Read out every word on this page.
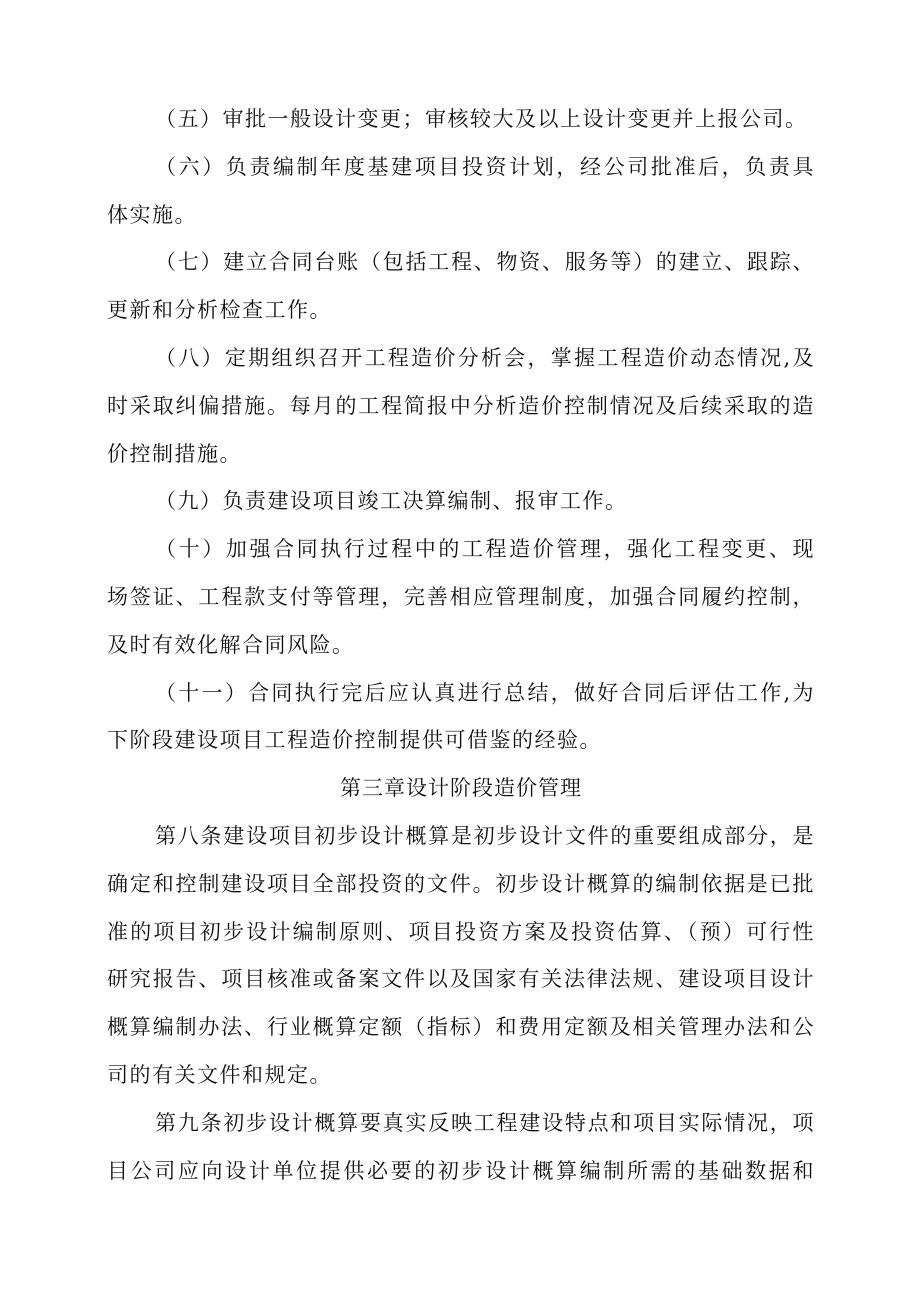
（五）审批一般设计变更；审核较大及以上设计变更并上报公司。
（六）负责编制年度基建项目投资计划，经公司批准后，负责具
体实施。
（七）建立合同台账（包括工程、物资、服务等）的建立、跟踪、
更新和分析检查工作。
（八）定期组织召开工程造价分析会，掌握工程造价动态情况,及
时采取纠偏措施。每月的工程简报中分析造价控制情况及后续采取的造
价控制措施。
（九）负责建设项目竣工决算编制、报审工作。
（十）加强合同执行过程中的工程造价管理，强化工程变更、现
场签证、工程款支付等管理，完善相应管理制度，加强合同履约控制，
及时有效化解合同风险。
（十一）合同执行完后应认真进行总结，做好合同后评估工作,为
下阶段建设项目工程造价控制提供可借鉴的经验。
第三章设计阶段造价管理
第八条建设项目初步设计概算是初步设计文件的重要组成部分，是
确定和控制建设项目全部投资的文件。初步设计概算的编制依据是已批
准的项目初步设计编制原则、项目投资方案及投资估算、（预）可行性
研究报告、项目核准或备案文件以及国家有关法律法规、建设项目设计
概算编制办法、行业概算定额（指标）和费用定额及相关管理办法和公
司的有关文件和规定。
第九条初步设计概算要真实反映工程建设特点和项目实际情况，项
目公司应向设计单位提供必要的初步设计概算编制所需的基础数据和
